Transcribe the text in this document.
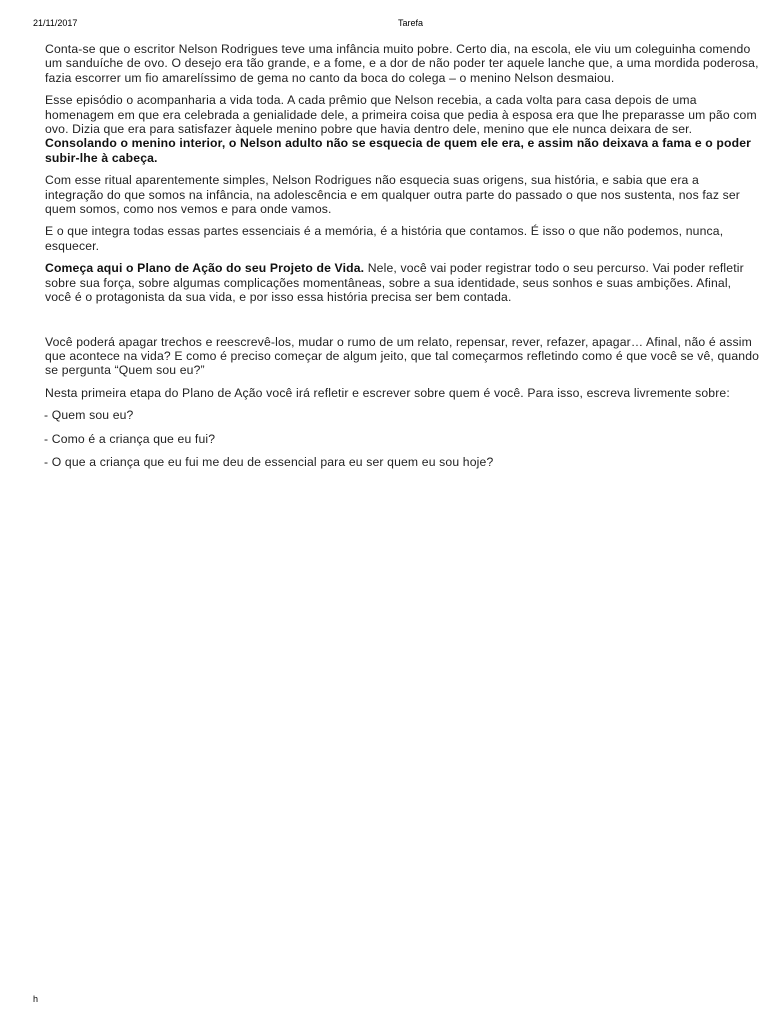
21/11/2017	Tarefa

Conta-se que o escritor Nelson Rodrigues teve uma infância muito pobre. Certo dia, na escola, ele viu um coleguinha comendo um sanduíche de ovo. O desejo era tão grande, e a fome, e a dor de não poder ter aquele lanche que, a uma mordida poderosa, fazia escorrer um fio amarelíssimo de gema no canto da boca do colega – o menino Nelson desmaiou.

Esse episódio o acompanharia a vida toda. A cada prêmio que Nelson recebia, a cada volta para casa depois de uma homenagem em que era celebrada a genialidade dele, a primeira coisa que pedia à esposa era que lhe preparasse um pão com ovo. Dizia que era para satisfazer àquele menino pobre que havia dentro dele, menino que ele nunca deixara de ser. Consolando o menino interior, o Nelson adulto não se esquecia de quem ele era, e assim não deixava a fama e o poder subir-lhe à cabeça.

Com esse ritual aparentemente simples, Nelson Rodrigues não esquecia suas origens, sua história, e sabia que era a integração do que somos na infância, na adolescência e em qualquer outra parte do passado o que nos sustenta, nos faz ser quem somos, como nos vemos e para onde vamos.

E o que integra todas essas partes essenciais é a memória, é a história que contamos. É isso o que não podemos, nunca, esquecer.

Começa aqui o Plano de Ação do seu Projeto de Vida. Nele, você vai poder registrar todo o seu percurso. Vai poder refletir sobre sua força, sobre algumas complicações momentâneas, sobre a sua identidade, seus sonhos e suas ambições. Afinal, você é o protagonista da sua vida, e por isso essa história precisa ser bem contada.

Você poderá apagar trechos e reescrevê-los, mudar o rumo de um relato, repensar, rever, refazer, apagar… Afinal, não é assim que acontece na vida? E como é preciso começar de algum jeito, que tal começarmos refletindo como é que você se vê, quando se pergunta “Quem sou eu?”

Nesta primeira etapa do Plano de Ação você irá refletir e escrever sobre quem é você. Para isso, escreva livremente sobre:

- Quem sou eu?

- Como é a criança que eu fui?

- O que a criança que eu fui me deu de essencial para eu ser quem eu sou hoje?

h
